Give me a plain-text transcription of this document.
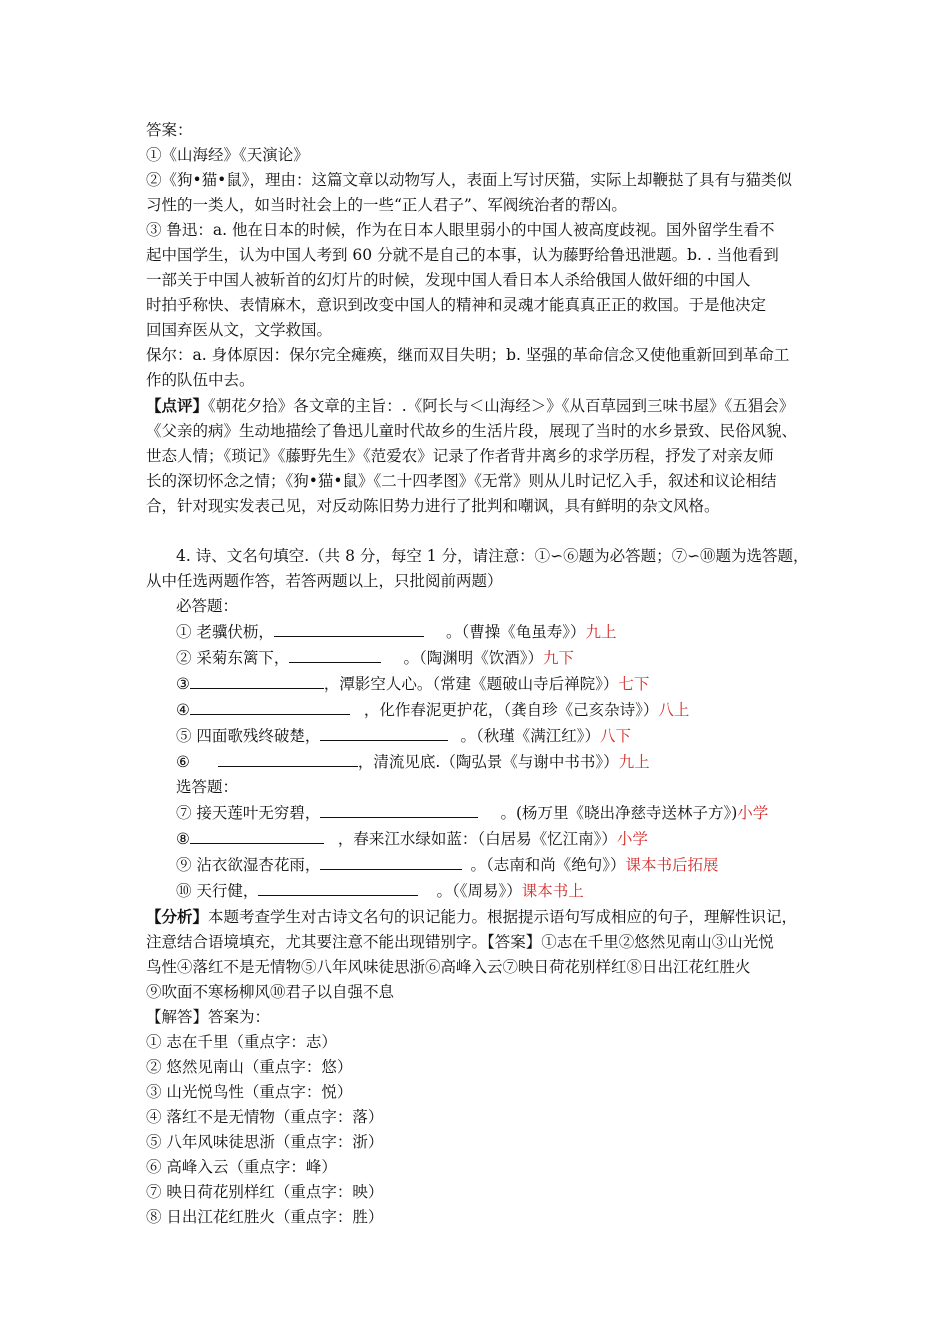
答案：
①《山海经》《天演论》
②《狗•猫•鼠》，理由：这篇文章以动物写人，表面上写讨厌猫，实际上却鞭挞了具有与猫类似
习性的一类人，如当时社会上的一些“正人君子”、军阀统治者的帮凶。
③ 鲁迅：a. 他在日本的时候，作为在日本人眼里弱小的中国人被高度歧视。国外留学生看不
起中国学生，认为中国人考到 60 分就不是自己的本事，认为藤野给鲁迅泄题。b. . 当他看到
一部关于中国人被斩首的幻灯片的时候，发现中国人看日本人杀给俄国人做奸细的中国人
时拍乎称快、表情麻木，意识到改变中国人的精神和灵魂才能真真正正的救国。于是他决定
回国弃医从文，文学救国。
保尔：a. 身体原因：保尔完全瘫痪，继而双目失明；b. 坚强的革命信念又使他重新回到革命工
作的队伍中去。
【点评】《朝花夕拾》各文章的主旨：.《阿长与＜山海经＞》《从百草园到三味书屋》《五猖会》
《父亲的病》生动地描绘了鲁迅儿童时代故乡的生活片段，展现了当时的水乡景致、民俗风貌、
世态人情；《琐记》《藤野先生》《范爱农》记录了作者背井离乡的求学历程，抒发了对亲友师
长的深切怀念之情；《狗•猫•鼠》《二十四孝图》《无常》则从儿时记忆入手，叙述和议论相结
合，针对现实发表己见，对反动陈旧势力进行了批判和嘲讽，具有鲜明的杂文风格。
4. 诗、文名句填空.（共 8 分，每空 1 分，请注意：①∽⑥题为必答题；⑦∽⑩题为选答题，
从中任选两题作答，若答两题以上，只批阅前两题）
必答题：
① 老骥伏枥，	。（曹操《龟虽寿》）九上
② 采菊东篱下，	。（陶渊明《饮酒》）九下
③	，潭影空人心。（常建《题破山寺后禅院》）七下
④	，化作春泥更护花，（龚自珍《己亥杂诗》）八上
⑤ 四面歌残终破楚，	。（秋瑾《满江红》）八下
⑥	，清流见底.（陶弘景《与谢中书书》）九上
选答题：
⑦ 接天莲叶无穷碧，	。(杨万里《晓出净慈寺送林子方》)小学
⑧	，春来江水绿如蓝：（白居易《忆江南》）小学
⑨ 沾衣欲湿杏花雨，	。（志南和尚《绝句》）课本书后拓展
⑩ 天行健，	。（《周易》）课本书上
【分析】本题考查学生对古诗文名句的识记能力。根据提示语句写成相应的句子，理解性识记，
注意结合语境填充，尤其要注意不能出现错别字。【答案】①志在千里②悠然见南山③山光悦
鸟性④落红不是无情物⑤八年风味徒思浙⑥高峰入云⑦映日荷花别样红⑧日出江花红胜火
⑨吹面不寒杨柳风⑩君子以自强不息
【解答】答案为：
① 志在千里（重点字：志）
② 悠然见南山（重点字：悠）
③ 山光悦鸟性（重点字：悦）
④ 落红不是无情物（重点字：落）
⑤ 八年风味徒思浙（重点字：浙）
⑥ 高峰入云（重点字：峰）
⑦ 映日荷花别样红（重点字：映）
⑧ 日出江花红胜火（重点字：胜）
